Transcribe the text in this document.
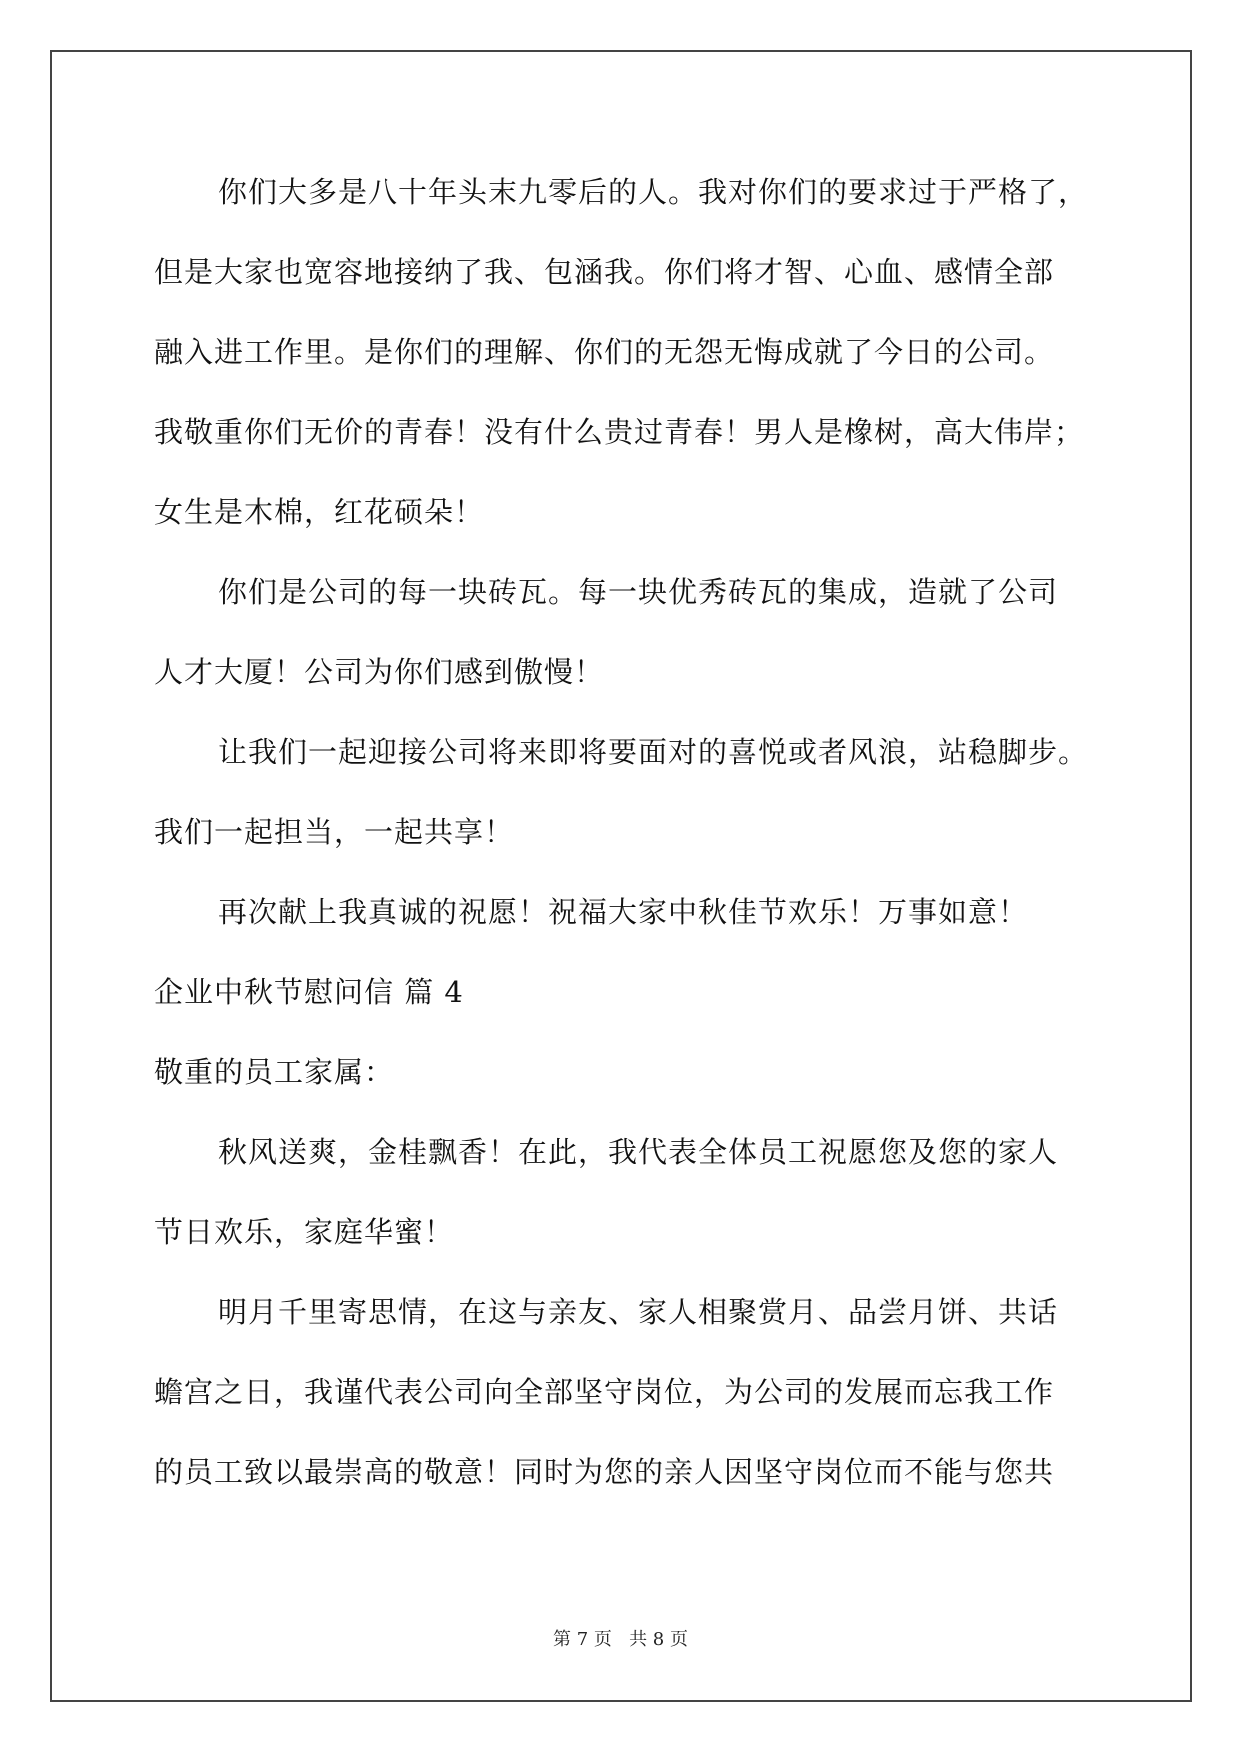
你们大多是八十年头末九零后的人。我对你们的要求过于严格了，
但是大家也宽容地接纳了我、包涵我。你们将才智、心血、感情全部
融入进工作里。是你们的理解、你们的无怨无悔成就了今日的公司。
我敬重你们无价的青春！没有什么贵过青春！男人是橡树，高大伟岸；
女生是木棉，红花硕朵！
你们是公司的每一块砖瓦。每一块优秀砖瓦的集成，造就了公司
人才大厦！公司为你们感到傲慢！
让我们一起迎接公司将来即将要面对的喜悦或者风浪，站稳脚步。
我们一起担当，一起共享！
再次献上我真诚的祝愿！祝福大家中秋佳节欢乐！万事如意！
企业中秋节慰问信 篇 4
敬重的员工家属：
秋风送爽，金桂飘香！在此，我代表全体员工祝愿您及您的家人
节日欢乐，家庭华蜜！
明月千里寄思情，在这与亲友、家人相聚赏月、品尝月饼、共话
蟾宫之日，我谨代表公司向全部坚守岗位，为公司的发展而忘我工作
的员工致以最崇高的敬意！同时为您的亲人因坚守岗位而不能与您共
第 7 页   共 8 页
